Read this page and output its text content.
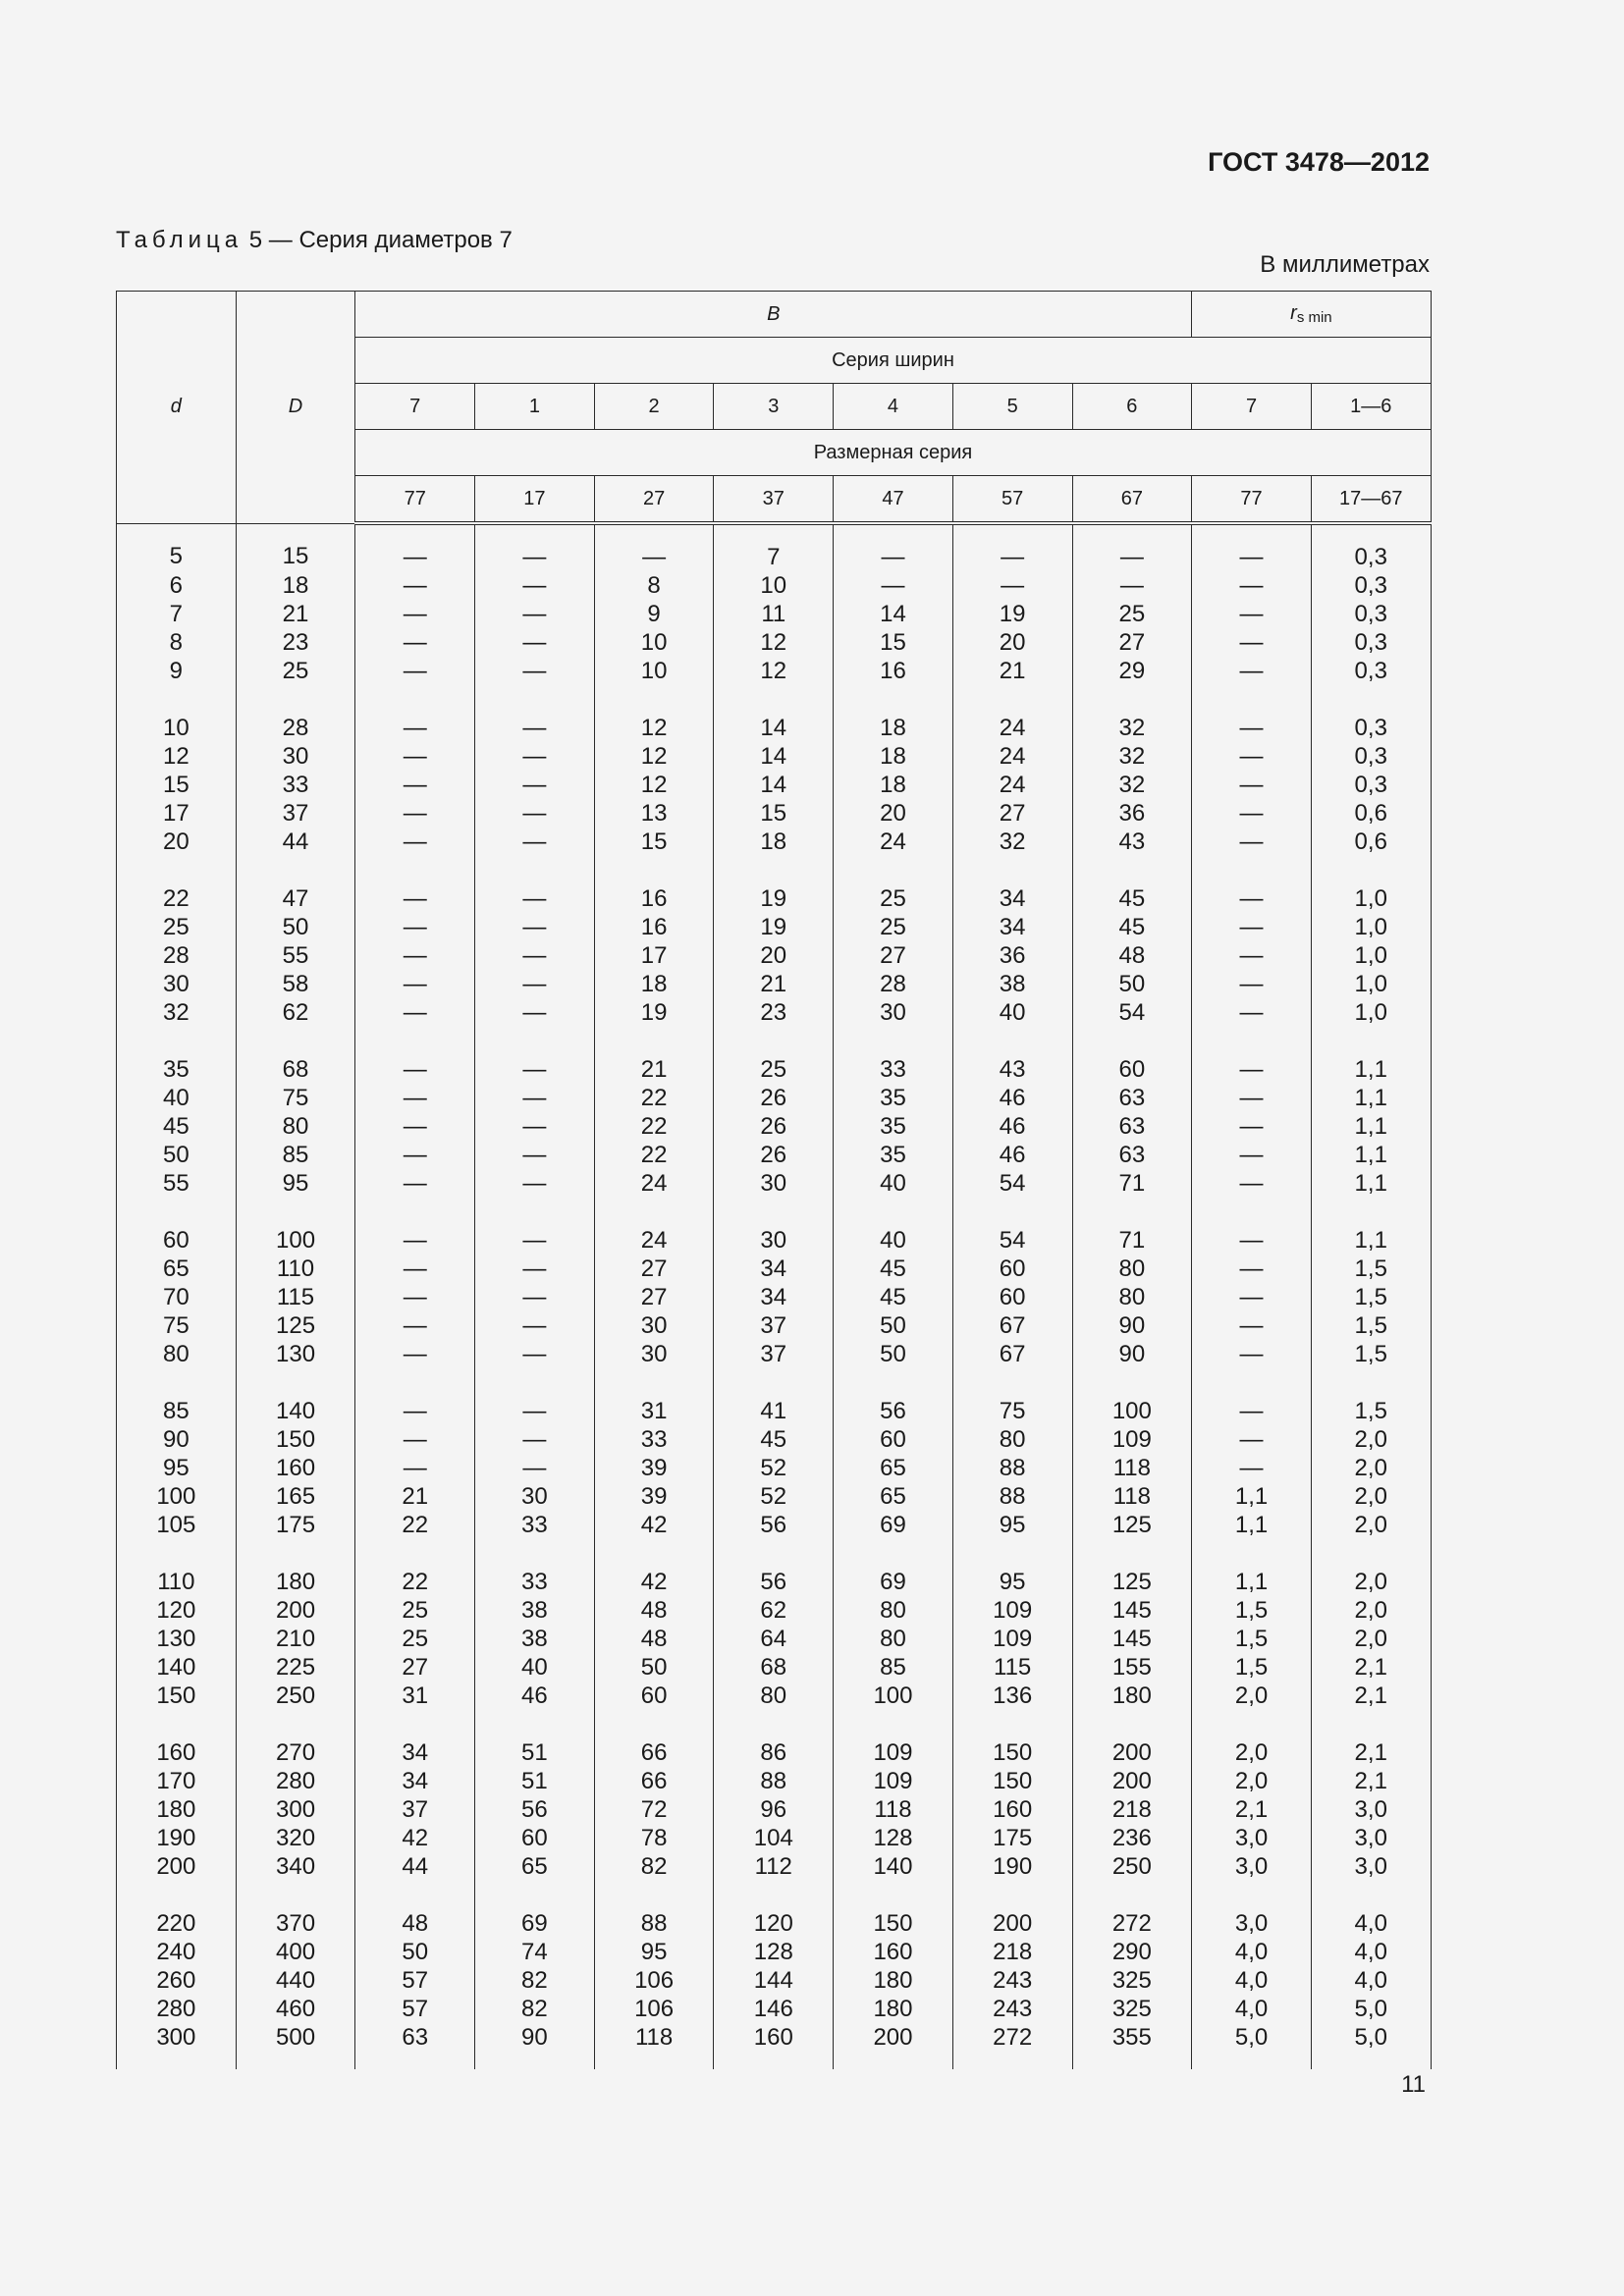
ГОСТ 3478—2012
Таблица 5 — Серия диаметров 7
В миллиметрах
d	D	B							$r_{s min}$
		Серия ширин								
		7	1	2	3	4	5	6	7	1—6
		Размерная серия								
		77	17	27	37	47	57	67	77	17—67
5	15	—	—	—	7	—	—	—	—	0,3
6	18	—	—	8	10	—	—	—	—	0,3
7	21	—	—	9	11	14	19	25	—	0,3
8	23	—	—	10	12	15	20	27	—	0,3
9	25	—	—	10	12	16	21	29	—	0,3
10	28	—	—	12	14	18	24	32	—	0,3
12	30	—	—	12	14	18	24	32	—	0,3
15	33	—	—	12	14	18	24	32	—	0,3
17	37	—	—	13	15	20	27	36	—	0,6
20	44	—	—	15	18	24	32	43	—	0,6
22	47	—	—	16	19	25	34	45	—	1,0
25	50	—	—	16	19	25	34	45	—	1,0
28	55	—	—	17	20	27	36	48	—	1,0
30	58	—	—	18	21	28	38	50	—	1,0
32	62	—	—	19	23	30	40	54	—	1,0
35	68	—	—	21	25	33	43	60	—	1,1
40	75	—	—	22	26	35	46	63	—	1,1
45	80	—	—	22	26	35	46	63	—	1,1
50	85	—	—	22	26	35	46	63	—	1,1
55	95	—	—	24	30	40	54	71	—	1,1
60	100	—	—	24	30	40	54	71	—	1,1
65	110	—	—	27	34	45	60	80	—	1,5
70	115	—	—	27	34	45	60	80	—	1,5
75	125	—	—	30	37	50	67	90	—	1,5
80	130	—	—	30	37	50	67	90	—	1,5
85	140	—	—	31	41	56	75	100	—	1,5
90	150	—	—	33	45	60	80	109	—	2,0
95	160	—	—	39	52	65	88	118	—	2,0
100	165	21	30	39	52	65	88	118	1,1	2,0
105	175	22	33	42	56	69	95	125	1,1	2,0
110	180	22	33	42	56	69	95	125	1,1	2,0
120	200	25	38	48	62	80	109	145	1,5	2,0
130	210	25	38	48	64	80	109	145	1,5	2,0
140	225	27	40	50	68	85	115	155	1,5	2,1
150	250	31	46	60	80	100	136	180	2,0	2,1
160	270	34	51	66	86	109	150	200	2,0	2,1
170	280	34	51	66	88	109	150	200	2,0	2,1
180	300	37	56	72	96	118	160	218	2,1	3,0
190	320	42	60	78	104	128	175	236	3,0	3,0
200	340	44	65	82	112	140	190	250	3,0	3,0
220	370	48	69	88	120	150	200	272	3,0	4,0
240	400	50	74	95	128	160	218	290	4,0	4,0
260	440	57	82	106	144	180	243	325	4,0	4,0
280	460	57	82	106	146	180	243	325	4,0	5,0
300	500	63	90	118	160	200	272	355	5,0	5,0
11
